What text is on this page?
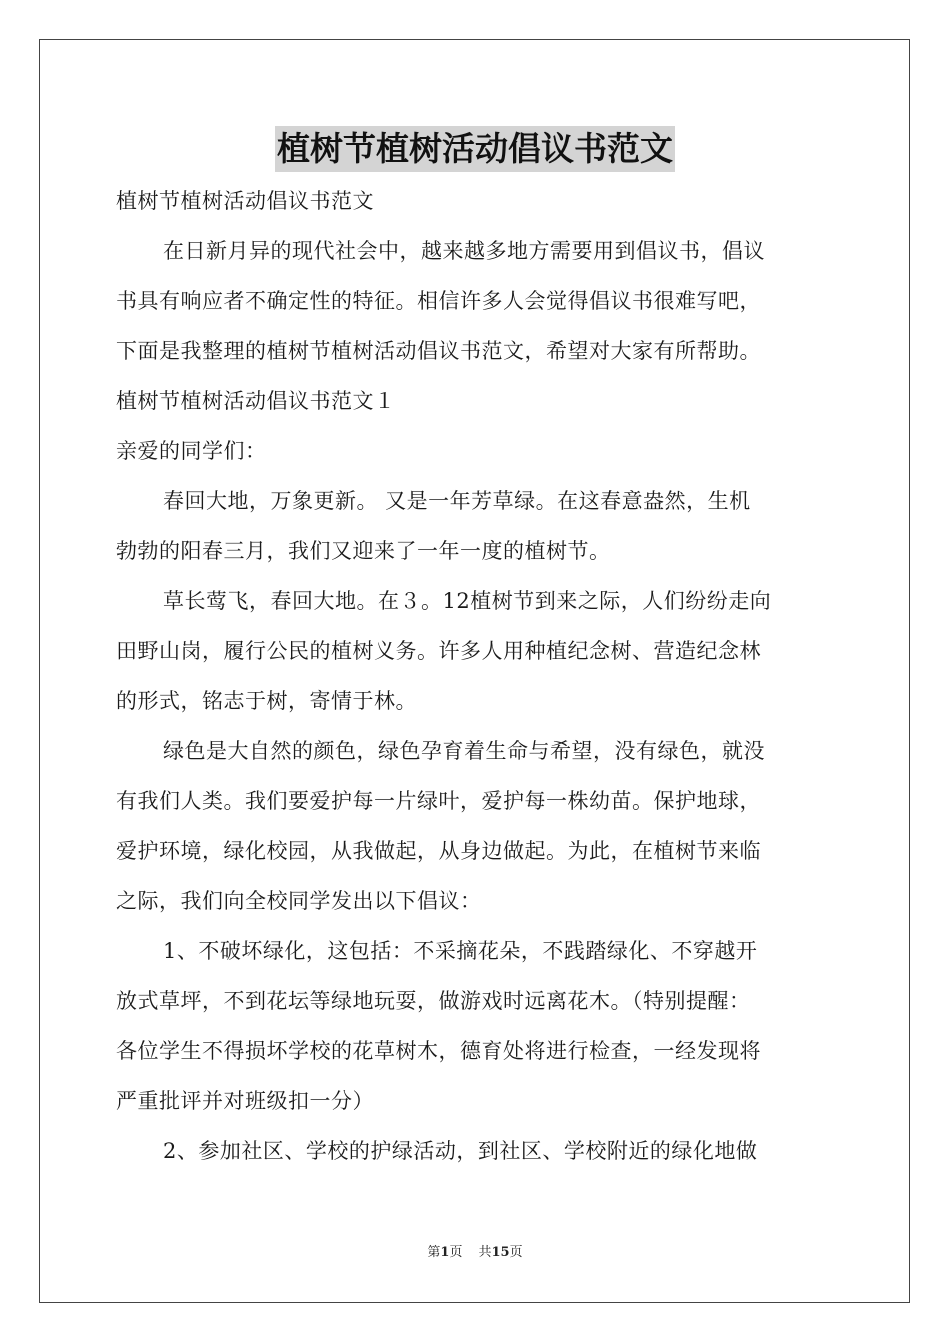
植树节植树活动倡议书范文
植树节植树活动倡议书范文
在日新月异的现代社会中，越来越多地方需要用到倡议书，倡议
书具有响应者不确定性的特征。相信许多人会觉得倡议书很难写吧，
下面是我整理的植树节植树活动倡议书范文，希望对大家有所帮助。
植树节植树活动倡议书范文１
亲爱的同学们：
春回大地，万象更新。 又是一年芳草绿。在这春意盎然，生机
勃勃的阳春三月，我们又迎来了一年一度的植树节。
草长莺飞，春回大地。在３。12植树节到来之际，人们纷纷走向
田野山岗，履行公民的植树义务。许多人用种植纪念树、营造纪念林
的形式，铭志于树，寄情于林。
绿色是大自然的颜色，绿色孕育着生命与希望，没有绿色，就没
有我们人类。我们要爱护每一片绿叶，爱护每一株幼苗。保护地球，
爱护环境，绿化校园，从我做起，从身边做起。为此，在植树节来临
之际，我们向全校同学发出以下倡议：
1、不破坏绿化，这包括：不采摘花朵，不践踏绿化、不穿越开
放式草坪，不到花坛等绿地玩耍，做游戏时远离花木。（特别提醒：
各位学生不得损坏学校的花草树木，德育处将进行检查，一经发现将
严重批评并对班级扣一分）
2、参加社区、学校的护绿活动，到社区、学校附近的绿化地做
第1页 共15页
